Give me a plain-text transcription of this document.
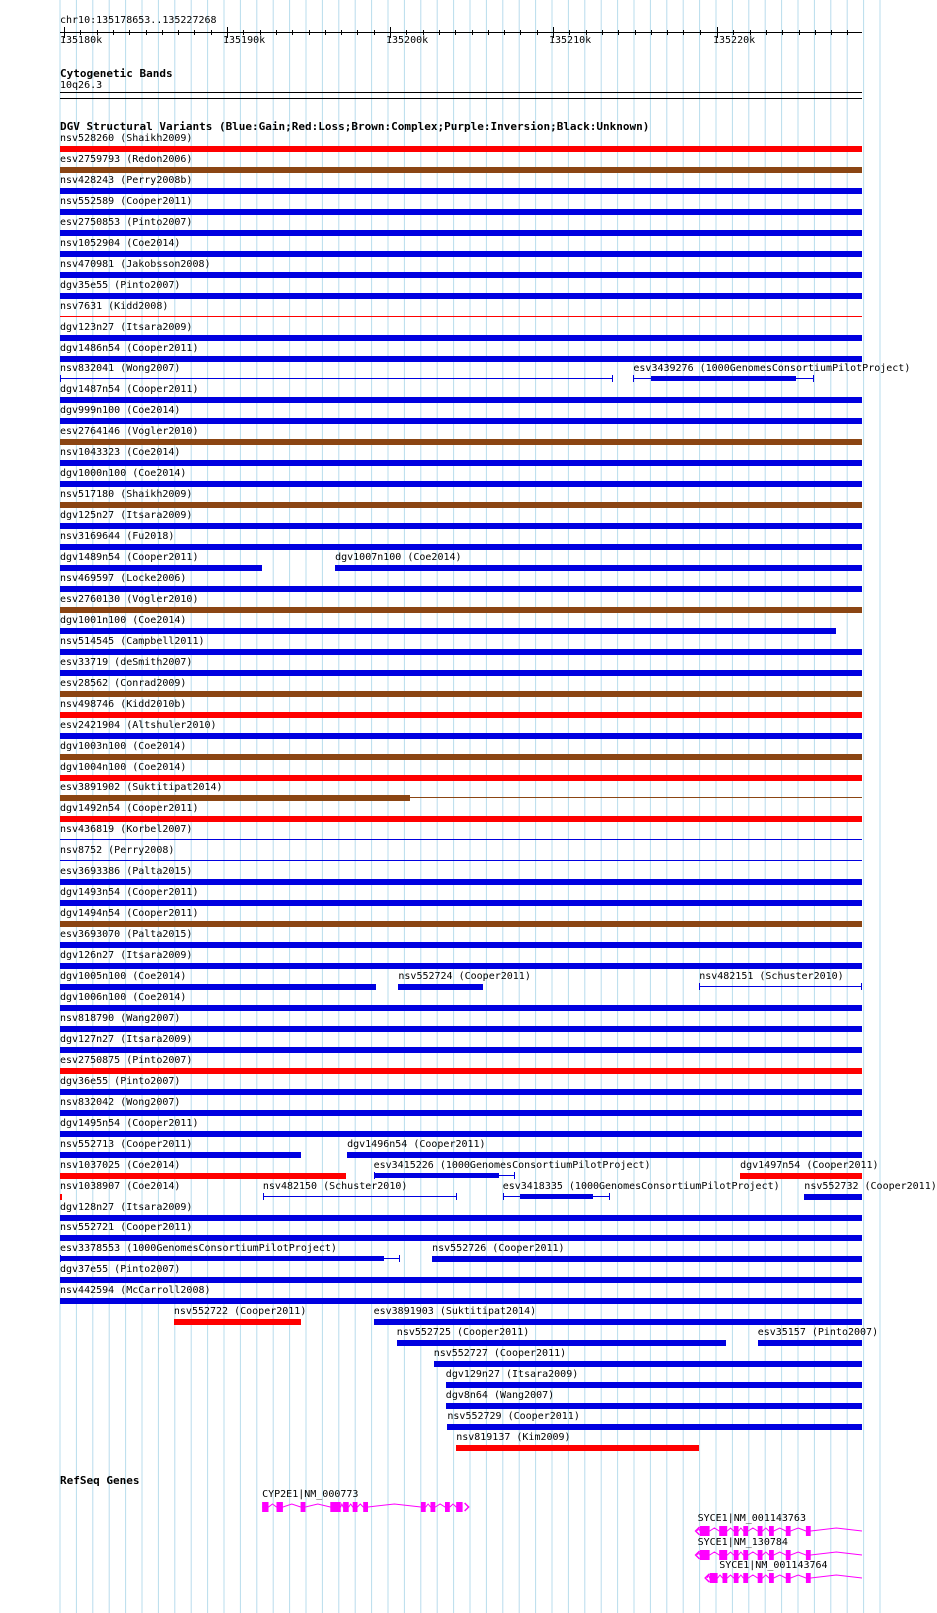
chr10:135178653..135227268
135180k	135190k	135200k	135210k	135220k
Cytogenetic Bands
10q26.3
DGV Structural Variants (Blue:Gain;Red:Loss;Brown:Complex;Purple:Inversion;Black:Unknown)
nsv528260 (Shaikh2009)
esv2759793 (Redon2006)
nsv428243 (Perry2008b)
nsv552589 (Cooper2011)
esv2750853 (Pinto2007)
nsv1052904 (Coe2014)
nsv470981 (Jakobsson2008)
dgv35e55 (Pinto2007)
nsv7631 (Kidd2008)
dgv123n27 (Itsara2009)
dgv1486n54 (Cooper2011)
nsv832041 (Wong2007)	esv3439276 (1000GenomesConsortiumPilotProject)
dgv1487n54 (Cooper2011)
dgv999n100 (Coe2014)
esv2764146 (Vogler2010)
nsv1043323 (Coe2014)
dgv1000n100 (Coe2014)
nsv517180 (Shaikh2009)
dgv125n27 (Itsara2009)
nsv3169644 (Fu2018)
dgv1489n54 (Cooper2011)	dgv1007n100 (Coe2014)
nsv469597 (Locke2006)
esv2760130 (Vogler2010)
dgv1001n100 (Coe2014)
nsv514545 (Campbell2011)
esv33719 (deSmith2007)
esv28562 (Conrad2009)
nsv498746 (Kidd2010b)
esv2421904 (Altshuler2010)
dgv1003n100 (Coe2014)
dgv1004n100 (Coe2014)
esv3891902 (Suktitipat2014)
dgv1492n54 (Cooper2011)
nsv436819 (Korbel2007)
nsv8752 (Perry2008)
esv3693386 (Palta2015)
dgv1493n54 (Cooper2011)
dgv1494n54 (Cooper2011)
esv3693070 (Palta2015)
dgv126n27 (Itsara2009)
dgv1005n100 (Coe2014)	nsv552724 (Cooper2011)	nsv482151 (Schuster2010)
dgv1006n100 (Coe2014)
nsv818790 (Wang2007)
dgv127n27 (Itsara2009)
esv2750875 (Pinto2007)
dgv36e55 (Pinto2007)
nsv832042 (Wong2007)
dgv1495n54 (Cooper2011)
nsv552713 (Cooper2011)	dgv1496n54 (Cooper2011)
nsv1037025 (Coe2014)	esv3415226 (1000GenomesConsortiumPilotProject)	dgv1497n54 (Cooper2011)
nsv1038907 (Coe2014)	nsv482150 (Schuster2010)	esv3418335 (1000GenomesConsortiumPilotProject) nsv552732 (Cooper2011)
dgv128n27 (Itsara2009)
nsv552721 (Cooper2011)
esv3378553 (1000GenomesConsortiumPilotProject)	nsv552726 (Cooper2011)
dgv37e55 (Pinto2007)
nsv442594 (McCarroll2008)
nsv552722 (Cooper2011)	esv3891903 (Suktitipat2014)
nsv552725 (Cooper2011)	esv35157 (Pinto2007)
nsv552727 (Cooper2011)
dgv129n27 (Itsara2009)
dgv8n64 (Wang2007)
nsv552729 (Cooper2011)
nsv819137 (Kim2009)
RefSeq Genes
CYP2E1|NM_000773
SYCE1|NM_001143763
SYCE1|NM_130784
SYCE1|NM_001143764
